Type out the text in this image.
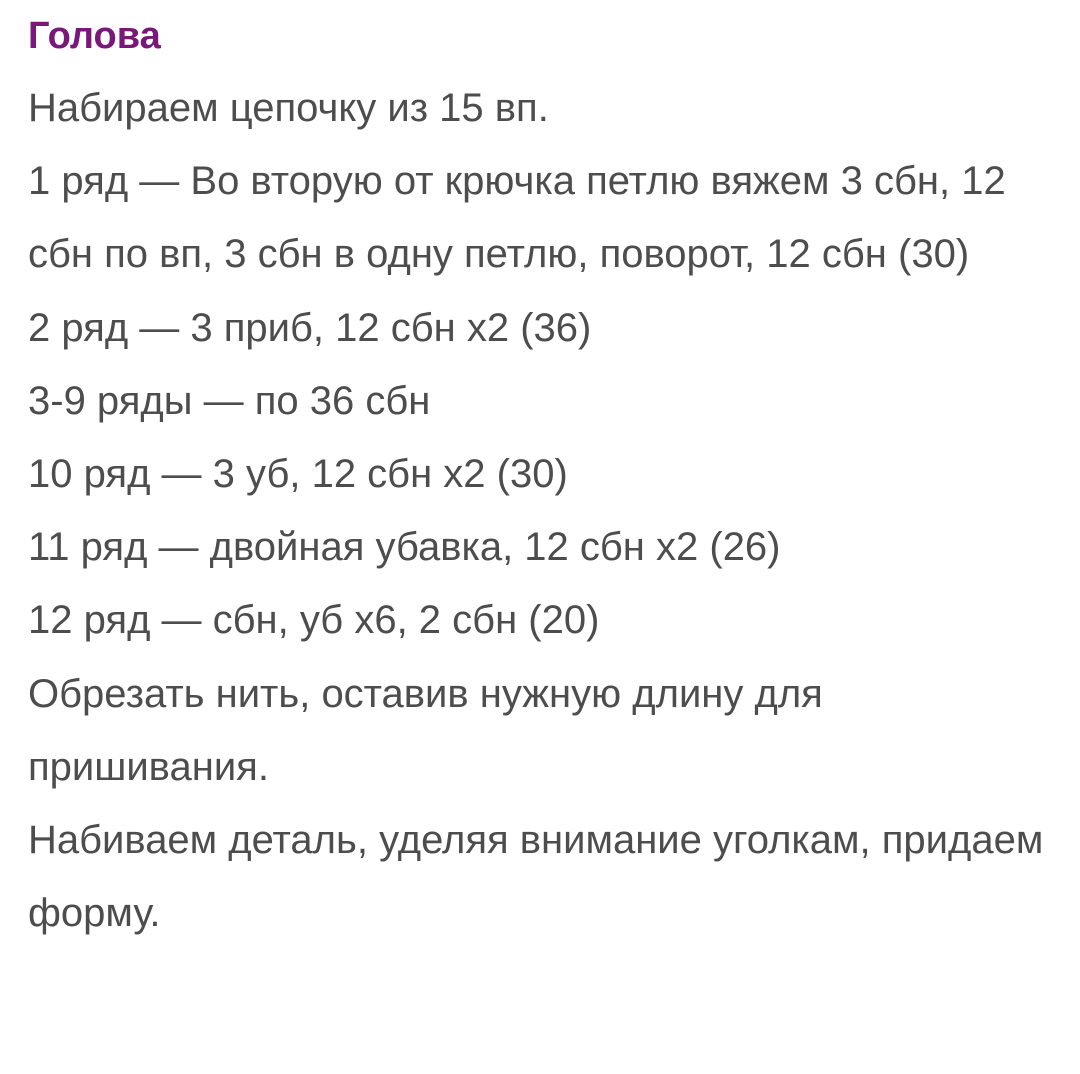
Голова

Набираем цепочку из 15 вп.

1 ряд — Во вторую от крючка петлю вяжем 3 сбн, 12 сбн по вп, 3 сбн в одну петлю, поворот, 12 сбн (30)

2 ряд — 3 приб, 12 сбн х2 (36)

3-9 ряды — по 36 сбн

10 ряд — 3 уб, 12 сбн х2 (30)

11 ряд — двойная убавка, 12 сбн х2 (26)

12 ряд — сбн, уб х6, 2 сбн (20)

Обрезать нить, оставив нужную длину для пришивания.

Набиваем деталь, уделяя внимание уголкам, придаем форму.
